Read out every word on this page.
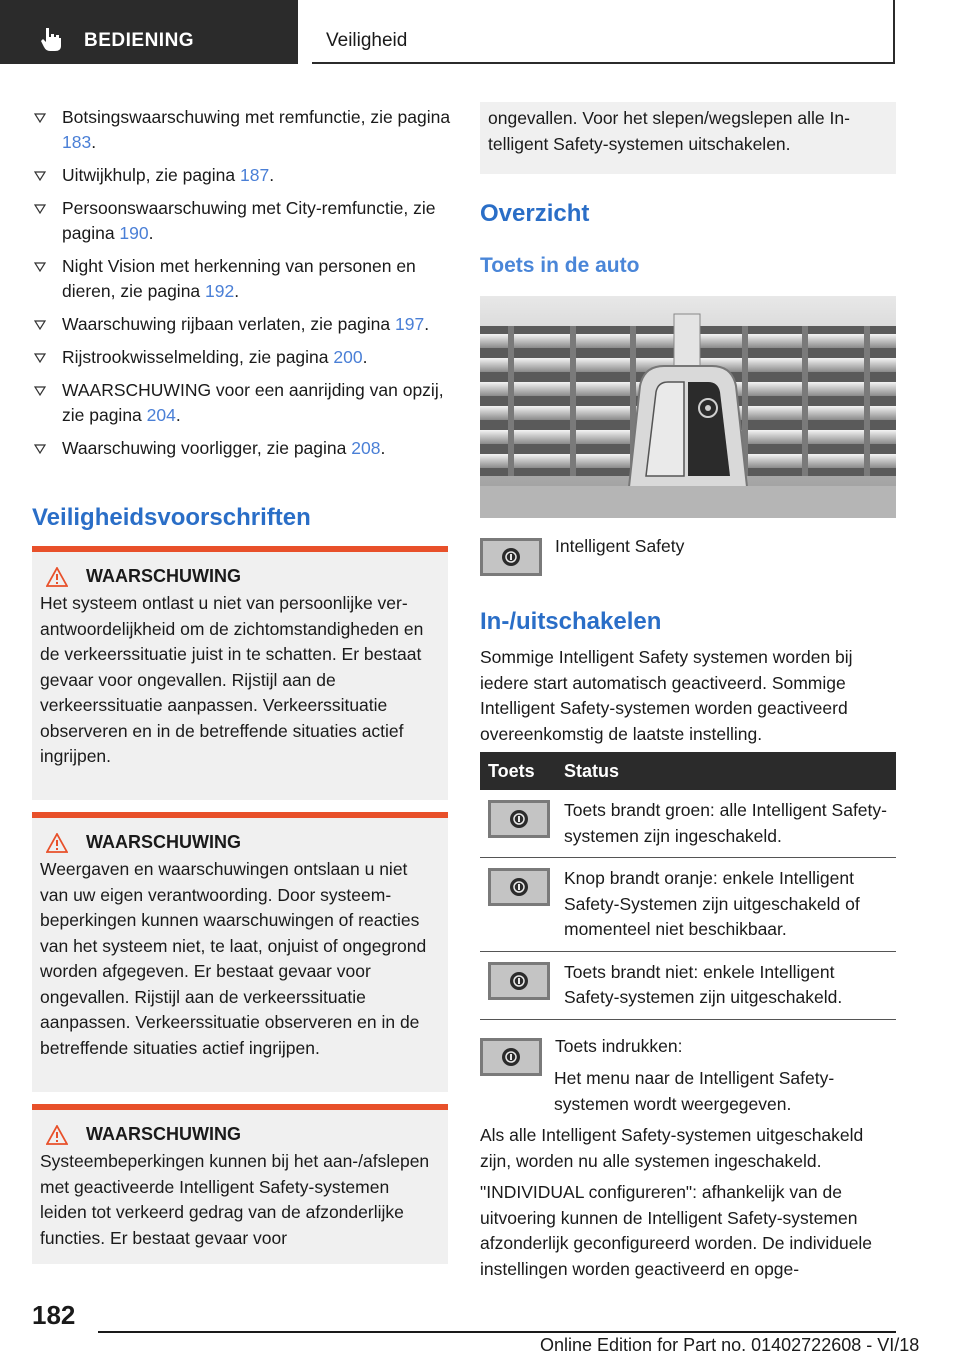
BEDIENING	Veiligheid
Botsingswaarschuwing met remfunctie, zie pagina 183.
Uitwijkhulp, zie pagina 187.
Persoonswaarschuwing met City-remfunctie, zie pagina 190.
Night Vision met herkenning van personen en dieren, zie pagina 192.
Waarschuwing rijbaan verlaten, zie pagina 197.
Rijstrookwisselmelding, zie pagina 200.
WAARSCHUWING voor een aanrijding van opzij, zie pagina 204.
Waarschuwing voorligger, zie pagina 208.
Veiligheidsvoorschriften
WAARSCHUWING

Het systeem ontlast u niet van persoonlijke verantwoordelijkheid om de zichtomstandigheden en de verkeerssituatie juist in te schatten. Er bestaat gevaar voor ongevallen. Rijstijl aan de verkeerssituatie aanpassen. Verkeerssituatie observeren en in de betreffende situaties actief ingrijpen.

WAARSCHUWING

Weergaven en waarschuwingen ontslaan u niet van uw eigen verantwoording. Door systeembeperkingen kunnen waarschuwingen of reacties van het systeem niet, te laat, onjuist of ongegrond worden afgegeven. Er bestaat gevaar voor ongevallen. Rijstijl aan de verkeerssituatie aanpassen. Verkeerssituatie observeren en in de betreffende situaties actief ingrijpen.

WAARSCHUWING

Systeembeperkingen kunnen bij het aan-/afslepen met geactiveerde Intelligent Safety-systemen leiden tot verkeerd gedrag van de afzonderlijke functies. Er bestaat gevaar voor

ongevallen. Voor het slepen/wegslepen alle Intelligent Safety-systemen uitschakelen.
Overzicht
Toets in de auto
Intelligent Safety
In-/uitschakelen

Sommige Intelligent Safety systemen worden bij iedere start automatisch geactiveerd. Sommige Intelligent Safety-systemen worden geactiveerd overeenkomstig de laatste instelling.

Toets	Status

	Toets brandt groen: alle Intelligent Safety-systemen zijn ingeschakeld.

	Knop brandt oranje: enkele Intelligent Safety-Systemen zijn uitgeschakeld of momenteel niet beschikbaar.

	Toets brandt niet: enkele Intelligent Safety-systemen zijn uitgeschakeld.
Toets indrukken:

Het menu naar de Intelligent Safety-systemen wordt weergegeven.

Als alle Intelligent Safety-systemen uitgeschakeld zijn, worden nu alle systemen ingeschakeld.

"INDIVIDUAL configureren": afhankelijk van de uitvoering kunnen de Intelligent Safety-systemen afzonderlijk geconfigureerd worden. De individuele instellingen worden geactiveerd en opge-

182
Online Edition for Part no. 01402722608 - VI/18
